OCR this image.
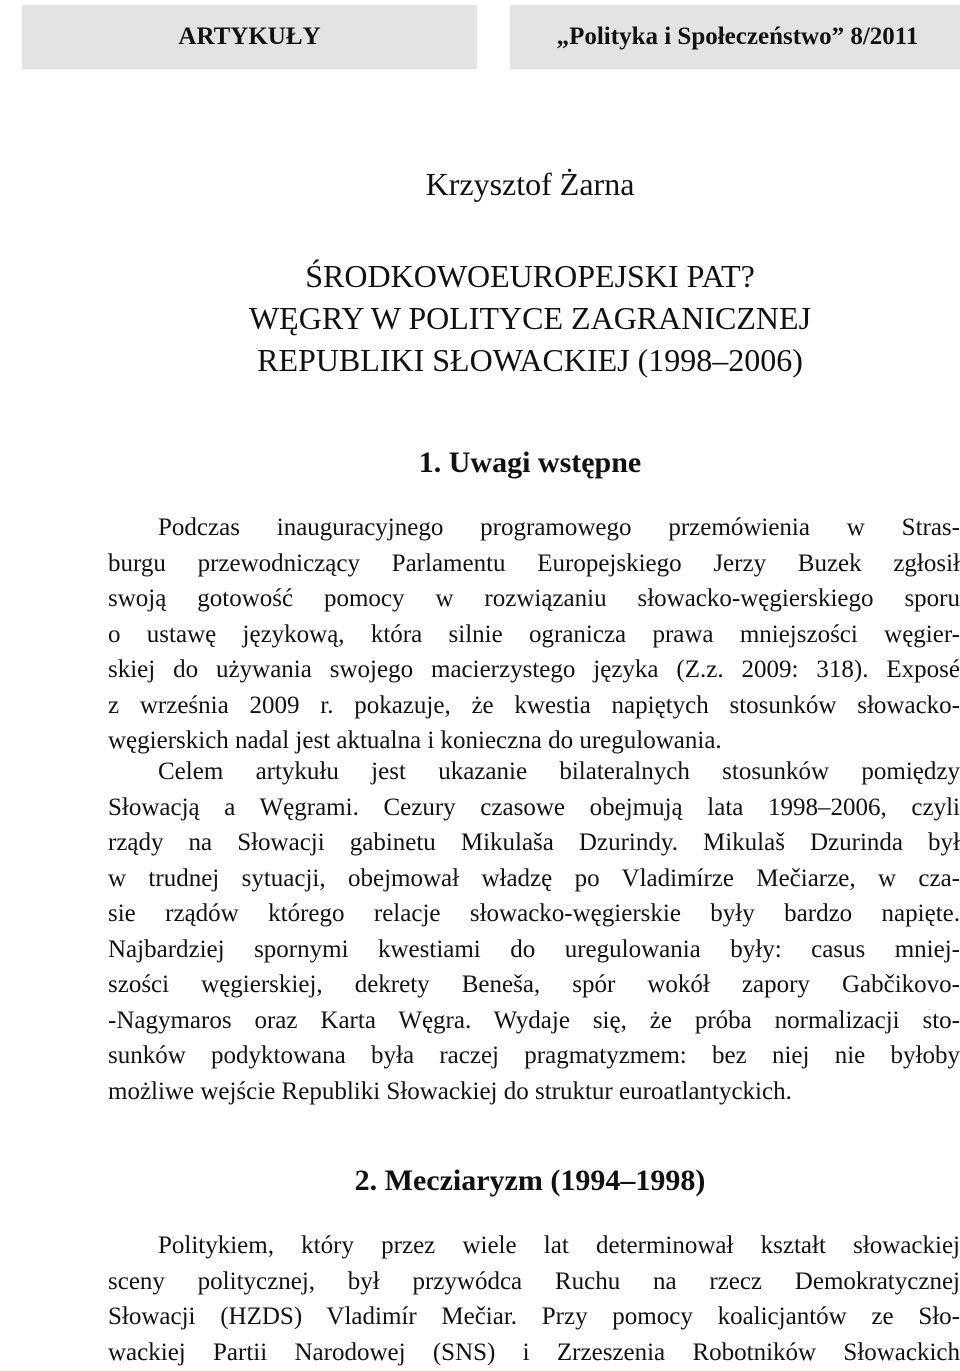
ARTYKUŁY	„Polityka i Społeczeństwo” 8/2011
Krzysztof Żarna
ŚRODKOWOEUROPEJSKI PAT?
WĘGRY W POLITYCE ZAGRANICZNEJ
REPUBLIKI SŁOWACKIEJ (1998–2006)
1. Uwagi wstępne
Podczas inauguracyjnego programowego przemówienia w Stras-
burgu przewodniczący Parlamentu Europejskiego Jerzy Buzek zgłosił
swoją gotowość pomocy w rozwiązaniu słowacko-węgierskiego sporu
o ustawę językową, która silnie ogranicza prawa mniejszości węgier-
skiej do używania swojego macierzystego języka (Z.z. 2009: 318). Exposé
z września 2009 r. pokazuje, że kwestia napiętych stosunków słowacko-
węgierskich nadal jest aktualna i konieczna do uregulowania.
Celem artykułu jest ukazanie bilateralnych stosunków pomiędzy
Słowacją a Węgrami. Cezury czasowe obejmują lata 1998–2006, czyli
rządy na Słowacji gabinetu Mikulaša Dzurindy. Mikulaš Dzurinda był
w trudnej sytuacji, obejmował władzę po Vladimírze Mečiarze, w cza-
sie rządów którego relacje słowacko-węgierskie były bardzo napięte.
Najbardziej spornymi kwestiami do uregulowania były: casus mniej-
szości węgierskiej, dekrety Beneša, spór wokół zapory Gabčikovo-
-Nagymaros oraz Karta Węgra. Wydaje się, że próba normalizacji sto-
sunków podyktowana była raczej pragmatyzmem: bez niej nie byłoby
możliwe wejście Republiki Słowackiej do struktur euroatlantyckich.
2. Mecziaryzm (1994–1998)
Politykiem, który przez wiele lat determinował kształt słowackiej
sceny politycznej, był przywódca Ruchu na rzecz Demokratycznej
Słowacji (HZDS) Vladimír Mečiar. Przy pomocy koalicjantów ze Sło-
wackiej Partii Narodowej (SNS) i Zrzeszenia Robotników Słowackich
